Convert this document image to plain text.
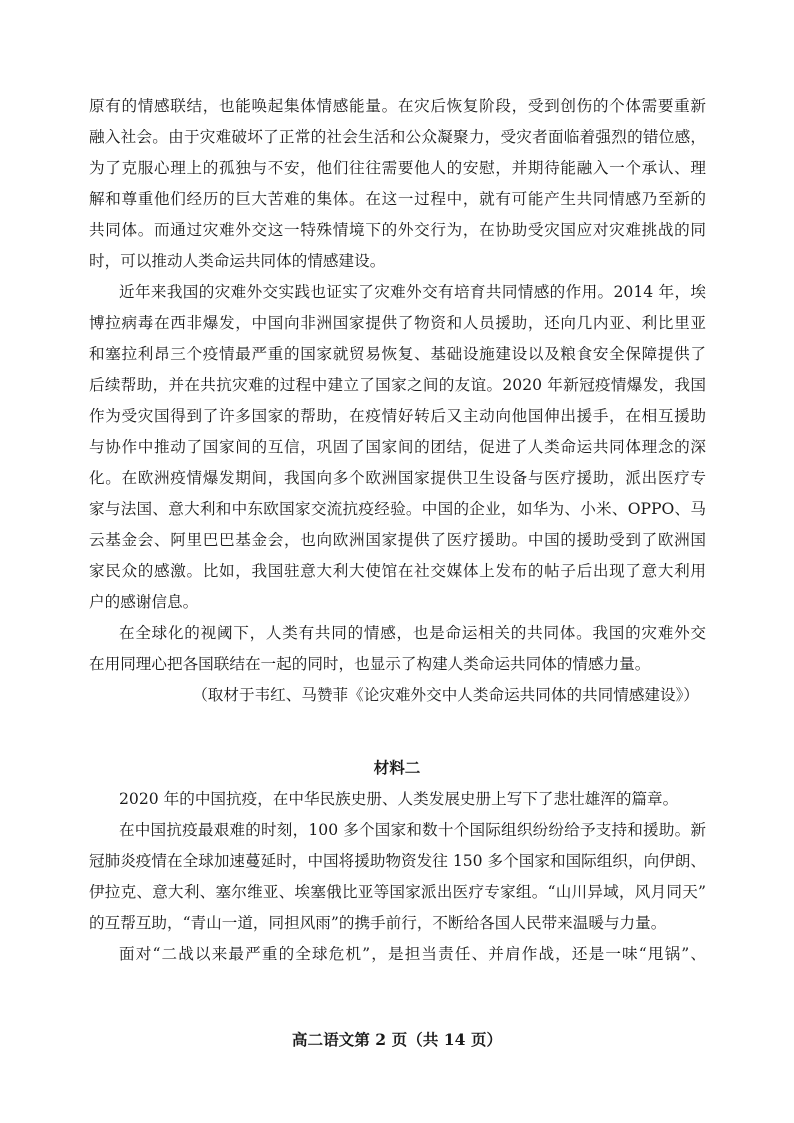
原有的情感联结，也能唤起集体情感能量。在灾后恢复阶段，受到创伤的个体需要重新
融入社会。由于灾难破坏了正常的社会生活和公众凝聚力，受灾者面临着强烈的错位感，
为了克服心理上的孤独与不安，他们往往需要他人的安慰，并期待能融入一个承认、理
解和尊重他们经历的巨大苦难的集体。在这一过程中，就有可能产生共同情感乃至新的
共同体。而通过灾难外交这一特殊情境下的外交行为，在协助受灾国应对灾难挑战的同
时，可以推动人类命运共同体的情感建设。
近年来我国的灾难外交实践也证实了灾难外交有培育共同情感的作用。2014 年，埃
博拉病毒在西非爆发，中国向非洲国家提供了物资和人员援助，还向几内亚、利比里亚
和塞拉利昂三个疫情最严重的国家就贸易恢复、基础设施建设以及粮食安全保障提供了
后续帮助，并在共抗灾难的过程中建立了国家之间的友谊。2020 年新冠疫情爆发，我国
作为受灾国得到了许多国家的帮助，在疫情好转后又主动向他国伸出援手，在相互援助
与协作中推动了国家间的互信，巩固了国家间的团结，促进了人类命运共同体理念的深
化。在欧洲疫情爆发期间，我国向多个欧洲国家提供卫生设备与医疗援助，派出医疗专
家与法国、意大利和中东欧国家交流抗疫经验。中国的企业，如华为、小米、OPPO、马
云基金会、阿里巴巴基金会，也向欧洲国家提供了医疗援助。中国的援助受到了欧洲国
家民众的感激。比如，我国驻意大利大使馆在社交媒体上发布的帖子后出现了意大利用
户的感谢信息。
在全球化的视阈下，人类有共同的情感，也是命运相关的共同体。我国的灾难外交
在用同理心把各国联结在一起的同时，也显示了构建人类命运共同体的情感力量。
（取材于韦红、马赞菲《论灾难外交中人类命运共同体的共同情感建设》）
材料二
2020 年的中国抗疫，在中华民族史册、人类发展史册上写下了悲壮雄浑的篇章。
在中国抗疫最艰难的时刻，100 多个国家和数十个国际组织纷纷给予支持和援助。新
冠肺炎疫情在全球加速蔓延时，中国将援助物资发往 150 多个国家和国际组织，向伊朗、
伊拉克、意大利、塞尔维亚、埃塞俄比亚等国家派出医疗专家组。“山川异域，风月同天”
的互帮互助，“青山一道，同担风雨”的携手前行，不断给各国人民带来温暖与力量。
面对“二战以来最严重的全球危机”，是担当责任、并肩作战，还是一味“甩锅”、
高二语文第 2 页（共 14 页）
